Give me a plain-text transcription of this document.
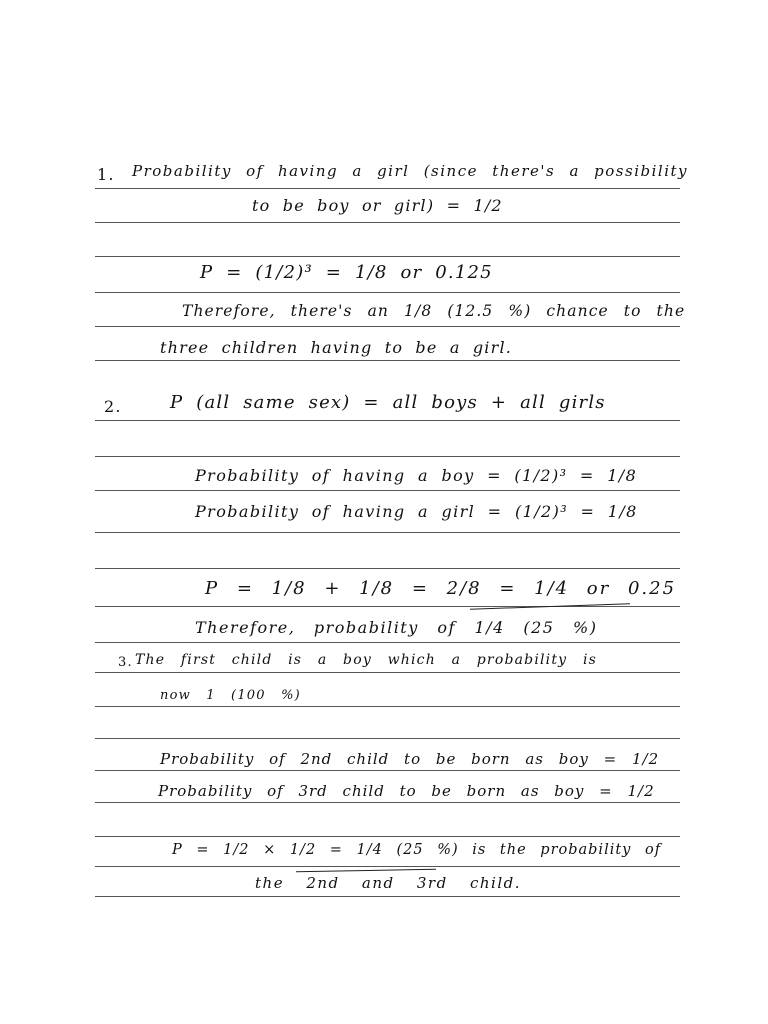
1. Probability of having a girl (since there's a possibility
to be boy or girl) = 1/2
P = (1/2)³ = 1/8 or 0.125
Therefore, there's an 1/8 (12.5 %) chance to the
three children having to be a girl.
2.	P (all same sex) = all boys + all girls
Probability of having a boy = (1/2)³ = 1/8
Probability of having a girl = (1/2)³ = 1/8
P = 1/8 + 1/8 = 2/8 = 1/4 or 0.25
Therefore, probability of 1/4 (25 %)
3. The first child is a boy which a probability is
now 1 (100 %)
Probability of 2nd child to be born as boy = 1/2
Probability of 3rd child to be born as boy = 1/2
P = 1/2 × 1/2 = 1/4 (25 %) is the probability of
the 2nd and 3rd child.
